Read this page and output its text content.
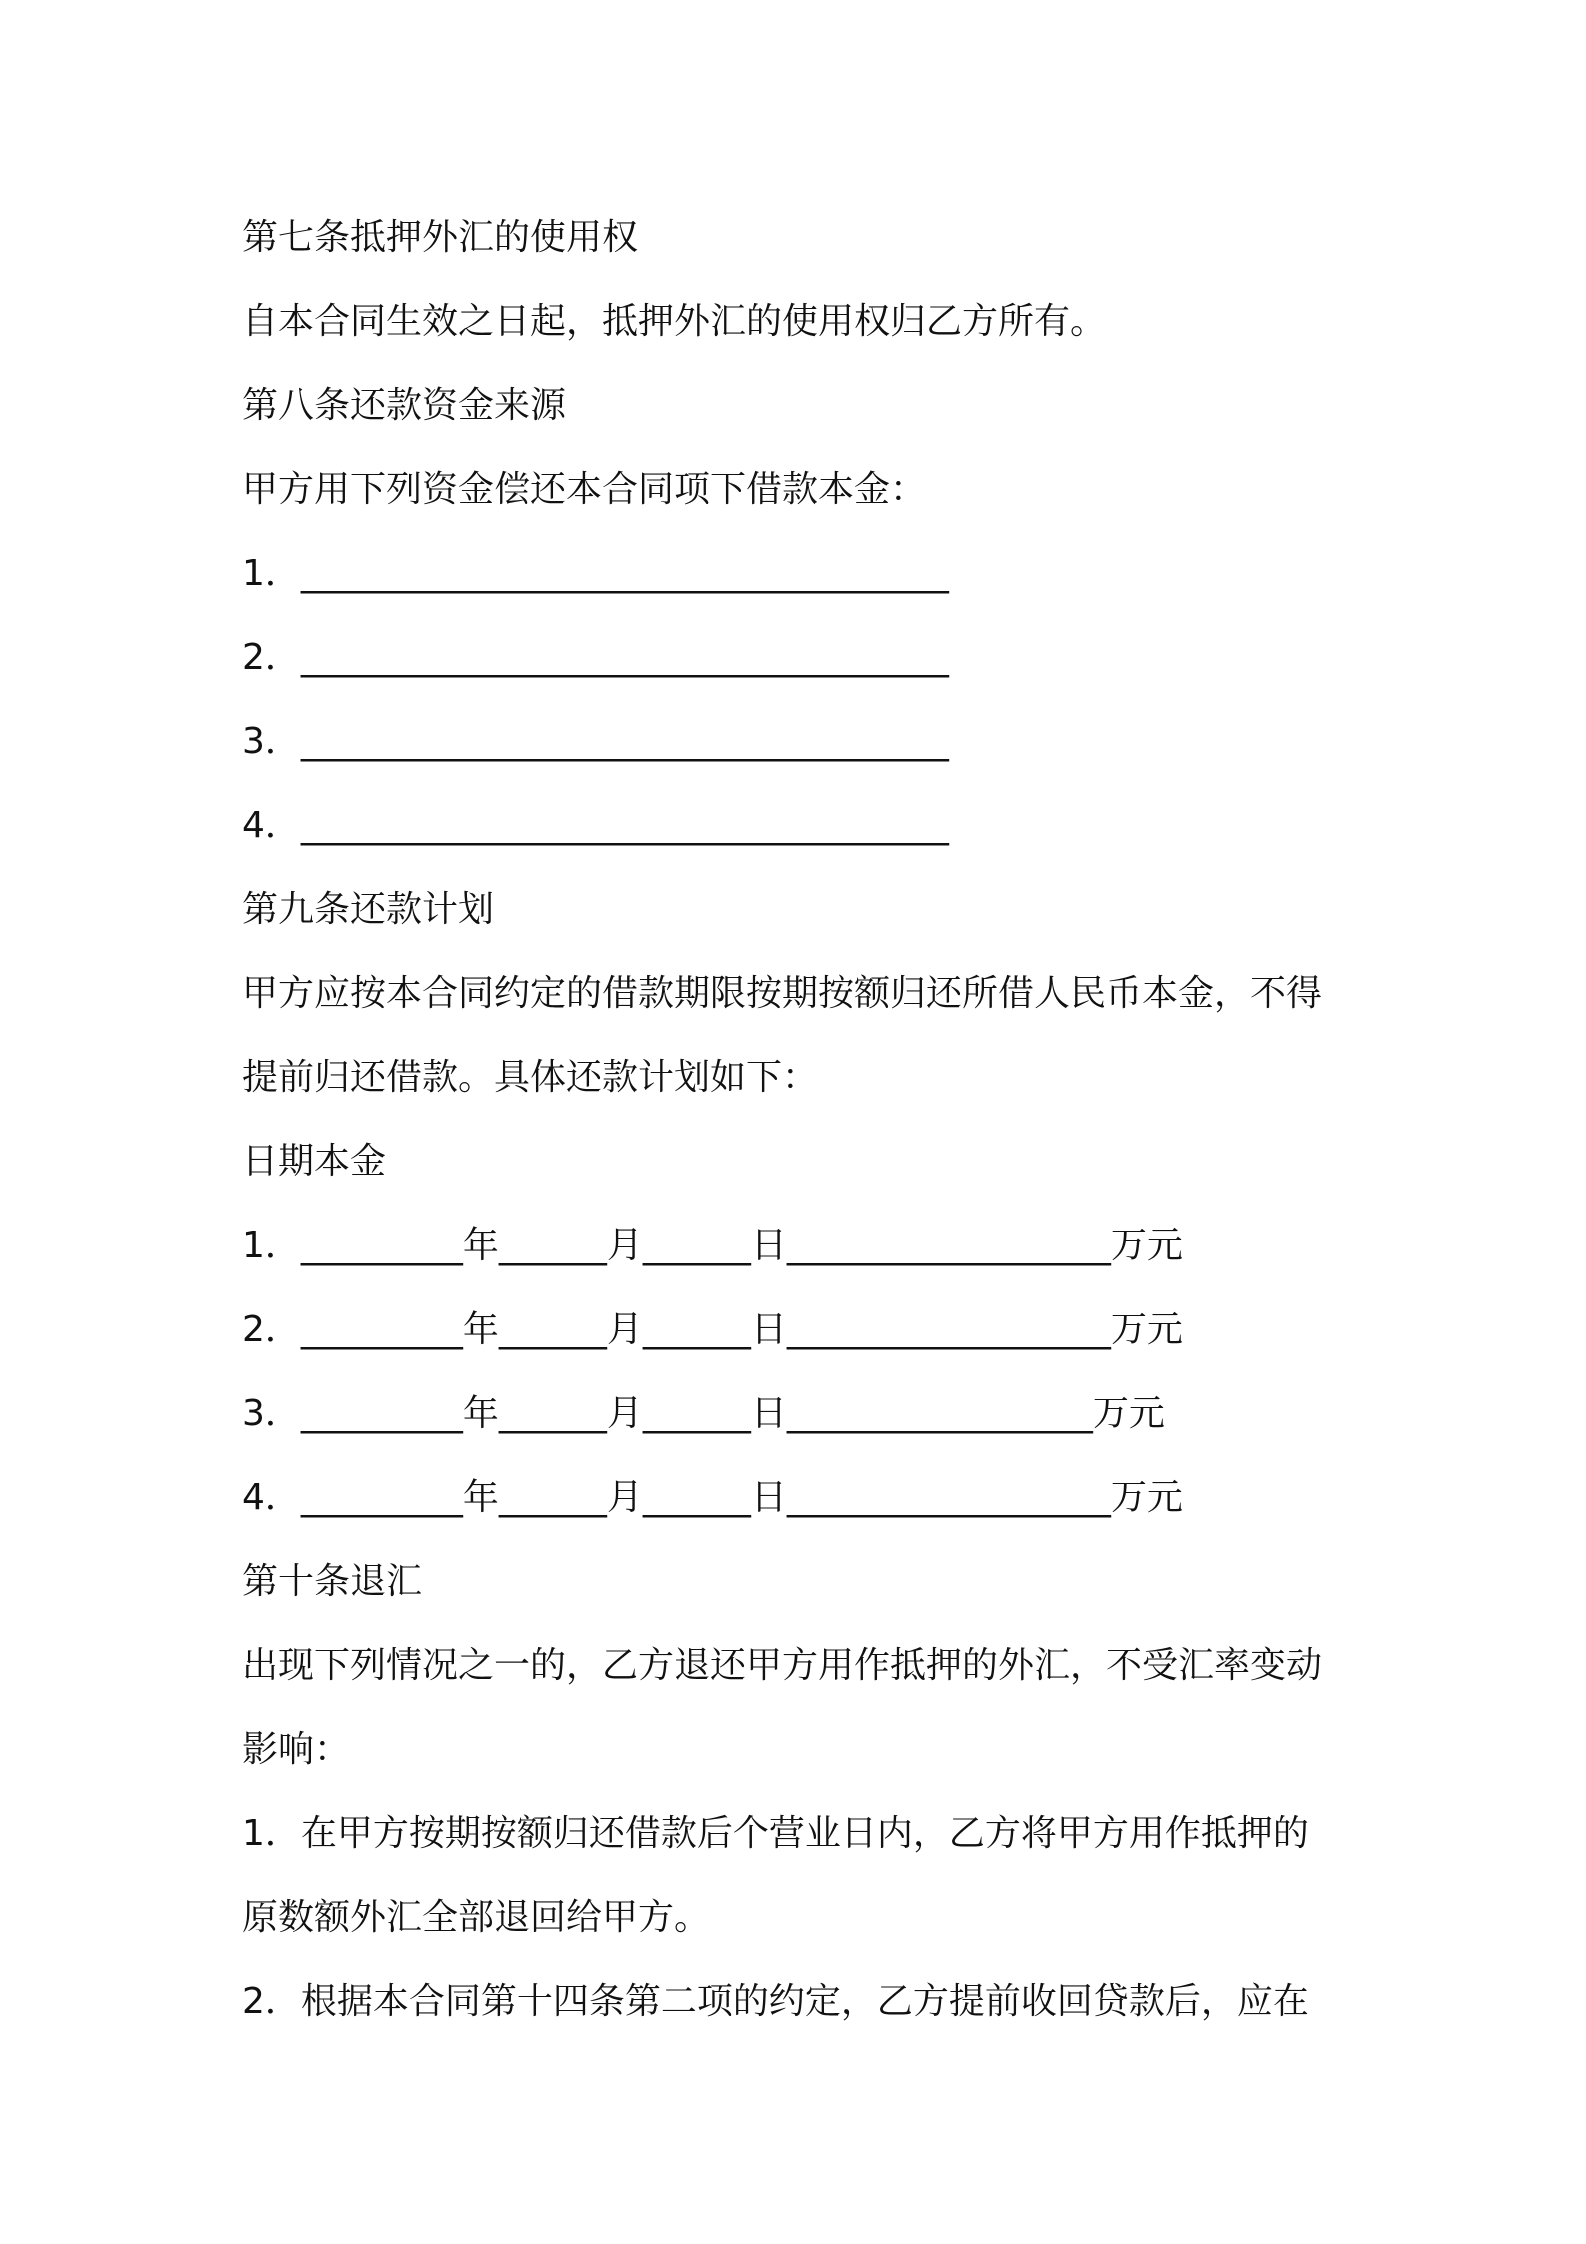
第七条抵押外汇的使用权
自本合同生效之日起，抵押外汇的使用权归乙方所有。
第八条还款资金来源
甲方用下列资金偿还本合同项下借款本金：
1．____________________________________
2．____________________________________
3．____________________________________
4．____________________________________
第九条还款计划
甲方应按本合同约定的借款期限按期按额归还所借人民币本金，不得
提前归还借款。具体还款计划如下：
日期本金
1．_________年______月______日__________________万元
2．_________年______月______日__________________万元
3．_________年______月______日_________________万元
4．_________年______月______日__________________万元
第十条退汇
出现下列情况之一的，乙方退还甲方用作抵押的外汇，不受汇率变动
影响：
1．在甲方按期按额归还借款后个营业日内，乙方将甲方用作抵押的
原数额外汇全部退回给甲方。
2．根据本合同第十四条第二项的约定，乙方提前收回贷款后，应在
